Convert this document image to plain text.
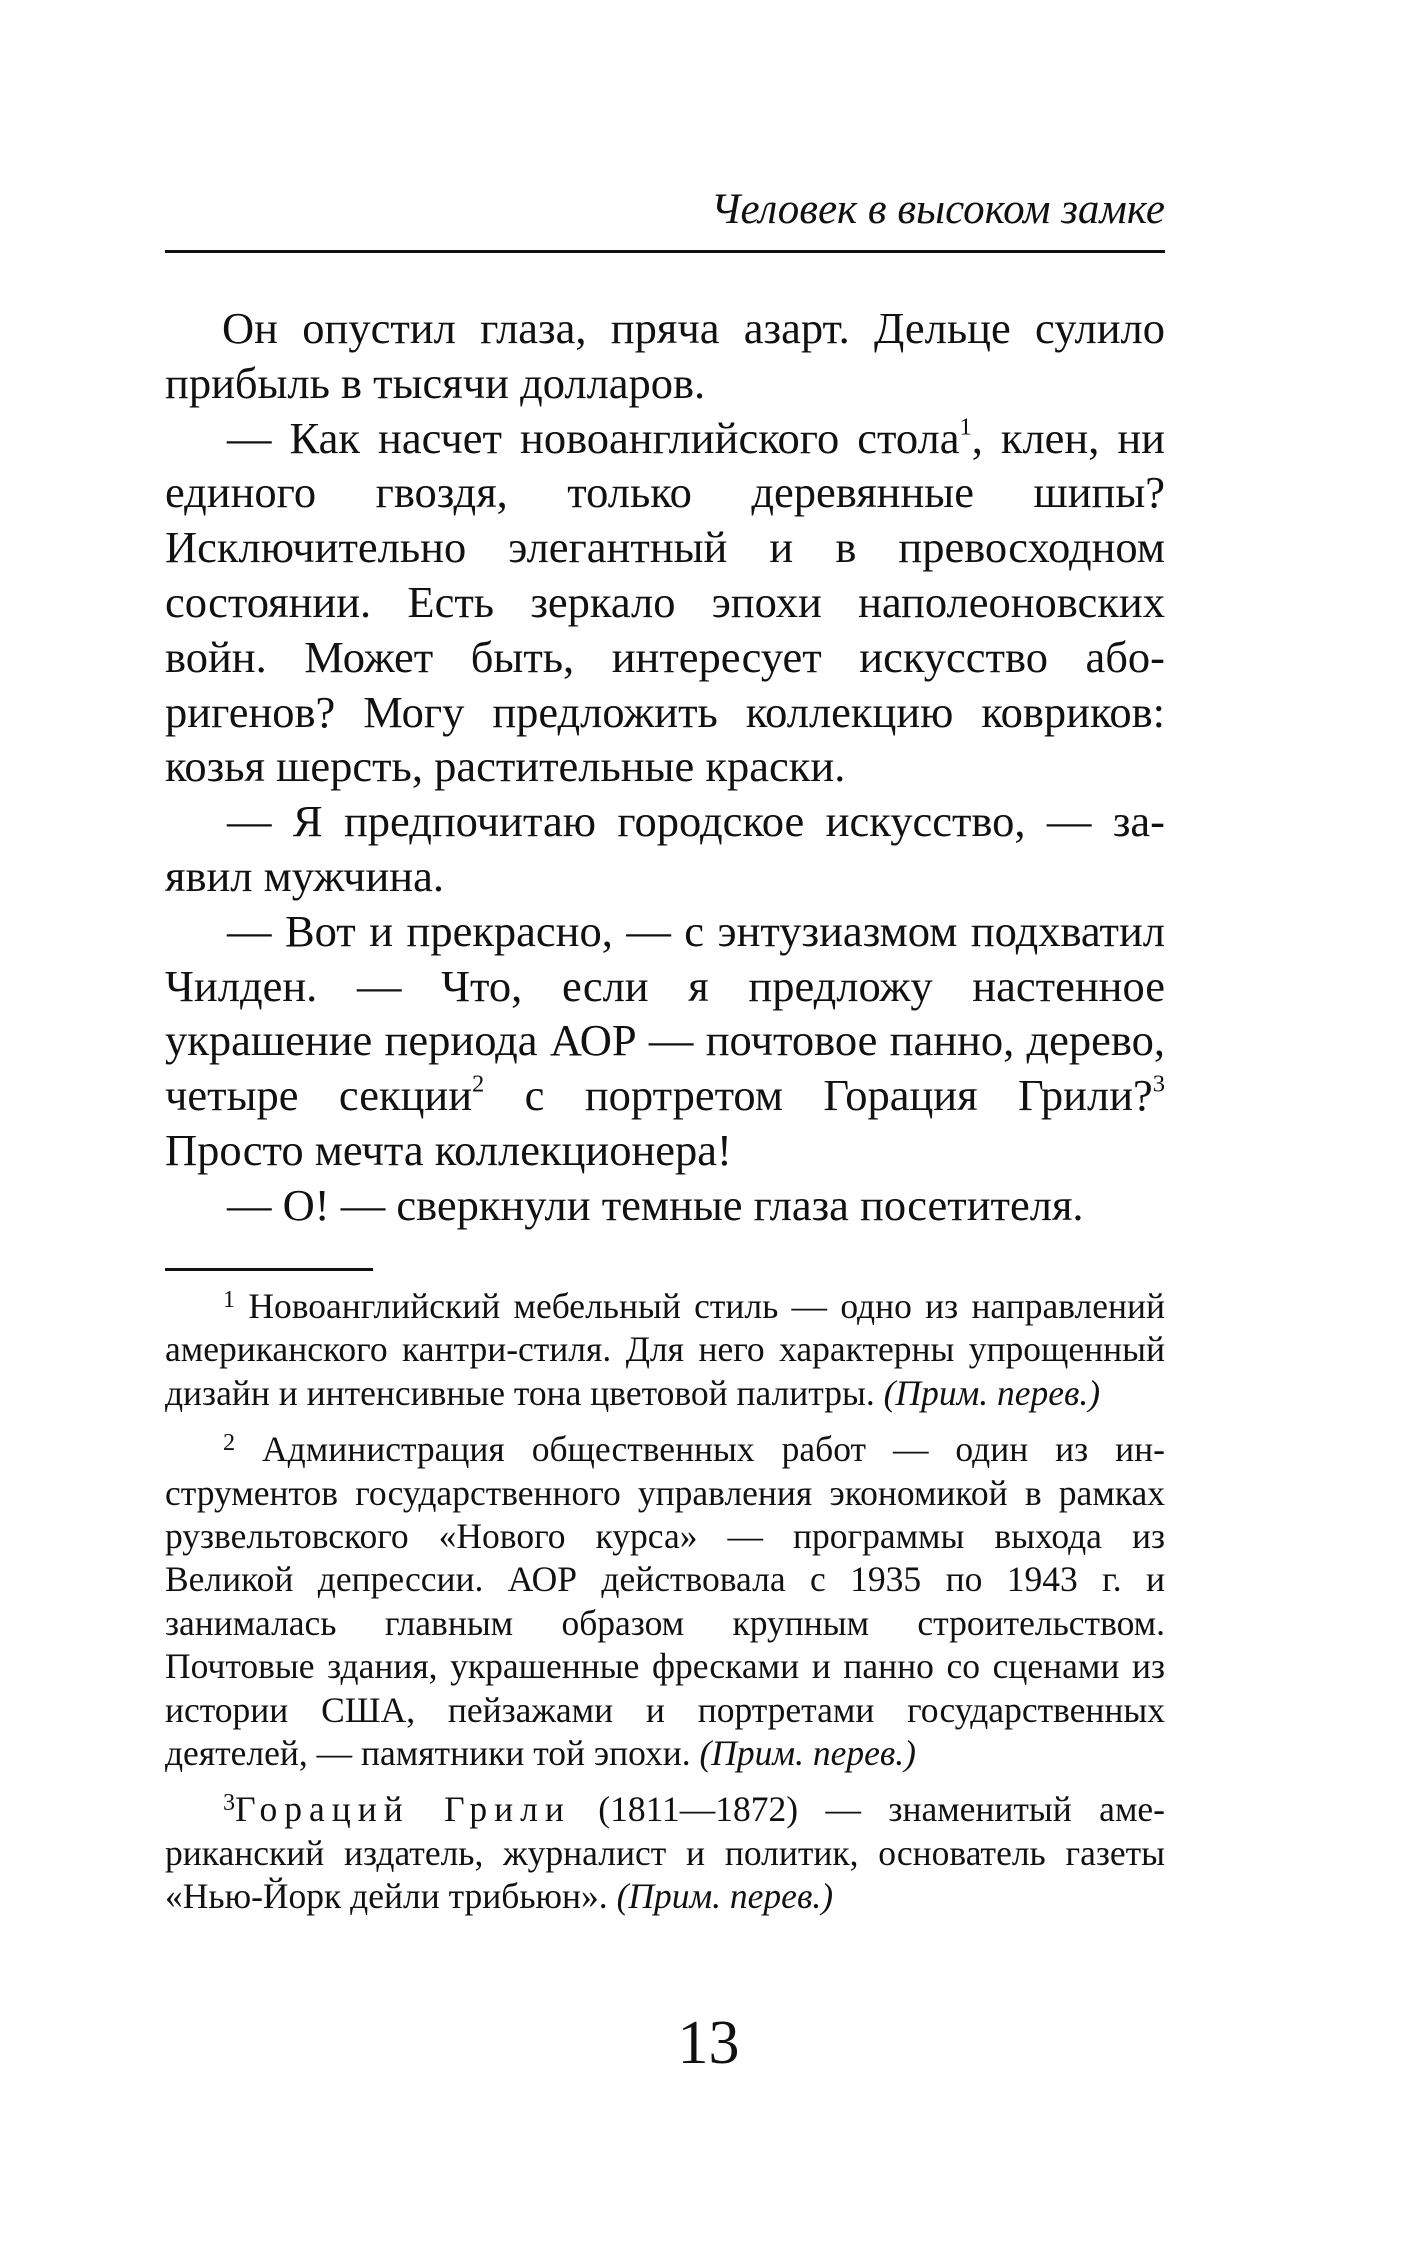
Человек в высоком замке

Он опустил глаза, пряча азарт. Дельце сулило прибыль в тысячи долларов.

— Как насчет новоанглийского стола$^1$, клен, ни единого гвоздя, только деревянные шипы? Исключительно элегантный и в превосходном состоянии. Есть зеркало эпохи наполеоновских войн. Может быть, интересует искусство аборигенов? Могу предложить коллекцию ковриков: козья шерсть, растительные краски.

— Я предпочитаю городское искусство, — заявил мужчина.

— Вот и прекрасно, — с энтузиазмом подхватил Чилден. — Что, если я предложу настенное украшение периода АОР — почтовое панно, дерево, четыре секции$^2$ с портретом Горация Грили?$^3$ Просто мечта коллекционера!

— О! — сверкнули темные глаза посетителя.

$^1$ Новоанглийский мебельный стиль — одно из направлений американского кантри-стиля. Для него характерны упрощенный дизайн и интенсивные тона цветовой палитры. (Прим. перев.)

$^2$ Администрация общественных работ — один из инструментов государственного управления экономикой в рамках рузвельтовского «Нового курса» — программы выхода из Великой депрессии. АОР действовала с 1935 по 1943 г. и занималась главным образом крупным строительством. Почтовые здания, украшенные фресками и панно со сценами из истории США, пейзажами и портретами государственных деятелей, — памятники той эпохи. (Прим. перев.)

$^3$Гораций Грили (1811—1872) — знаменитый американский издатель, журналист и политик, основатель газеты «Нью-Йорк дейли трибьюн». (Прим. перев.)

13
